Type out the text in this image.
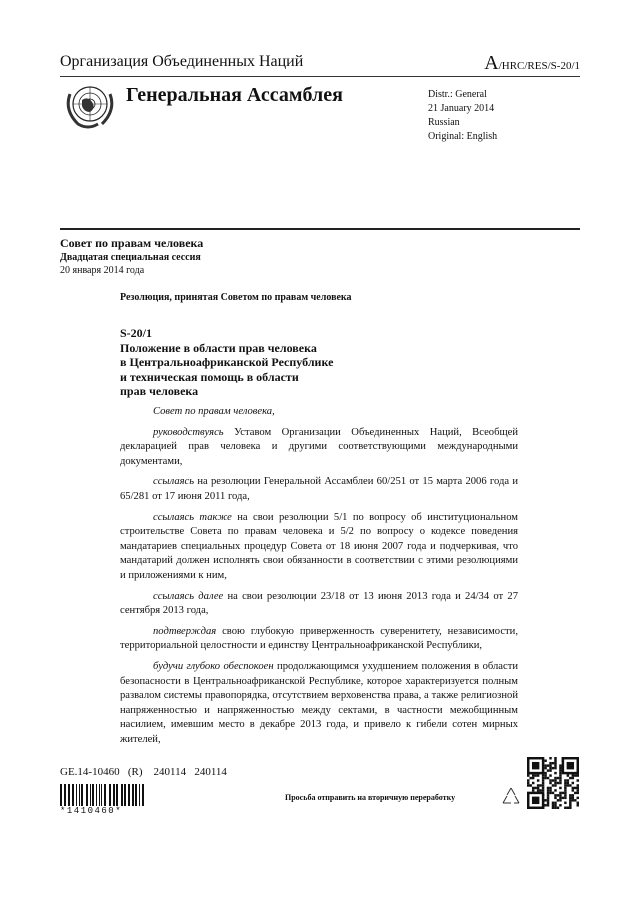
Организация Объединенных Наций	A/HRC/RES/S-20/1
Генеральная Ассамблея	Distr.: General
21 January 2014
Russian
Original: English
Совет по правам человека
Двадцатая специальная сессия
20 января 2014 года
Резолюция, принятая Советом по правам человека
S-20/1
Положение в области прав человека
в Центральноафриканской Республике
и техническая помощь в области
прав человека

Совет по правам человека,

руководствуясь Уставом Организации Объединенных Наций, Всеобщей декларацией прав человека и другими соответствующими международными документами,

ссылаясь на резолюции Генеральной Ассамблеи 60/251 от 15 марта 2006 года и 65/281 от 17 июня 2011 года,

ссылаясь также на свои резолюции 5/1 по вопросу об институциональном строительстве Совета по правам человека и 5/2 по вопросу о кодексе поведения мандатариев специальных процедур Совета от 18 июня 2007 года и подчеркивая, что мандатарий должен исполнять свои обязанности в соответствии с этими резолюциями и приложениями к ним,

ссылаясь далее на свои резолюции 23/18 от 13 июня 2013 года и 24/34 от 27 сентября 2013 года,

подтверждая свою глубокую приверженность суверенитету, независимости, территориальной целостности и единству Центральноафриканской Республики,

будучи глубоко обеспокоен продолжающимся ухудшением положения в области безопасности в Центральноафриканской Республике, которое характеризуется полным развалом системы правопорядка, отсутствием верховенства права, а также религиозной напряженностью и напряженностью между сектами, в частности межобщинным насилием, имевшим место в декабре 2013 года, и привело к гибели сотен мирных жителей,

GE.14-10460   (R)    240114   240114
*1410460*
Просьба отправить на вторичную переработку
